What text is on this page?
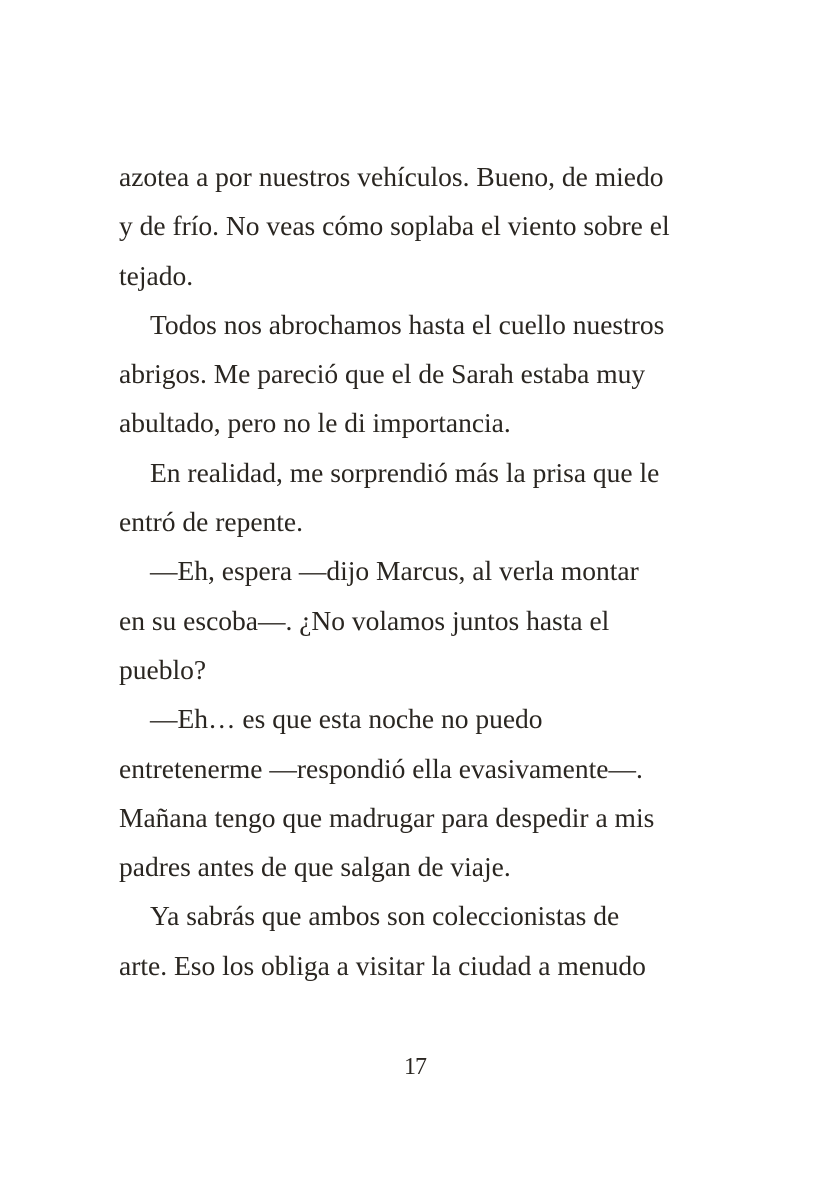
azotea a por nuestros vehículos. Bueno, de miedo
y de frío. No veas cómo soplaba el viento sobre el
tejado.
Todos nos abrochamos hasta el cuello nuestros
abrigos. Me pareció que el de Sarah estaba muy
abultado, pero no le di importancia.
En realidad, me sorprendió más la prisa que le
entró de repente.
—Eh, espera —dijo Marcus, al verla montar
en su escoba—. ¿No volamos juntos hasta el
pueblo?
—Eh… es que esta noche no puedo
entretenerme —respondió ella evasivamente—.
Mañana tengo que madrugar para despedir a mis
padres antes de que salgan de viaje.
Ya sabrás que ambos son coleccionistas de
arte. Eso los obliga a visitar la ciudad a menudo
17
